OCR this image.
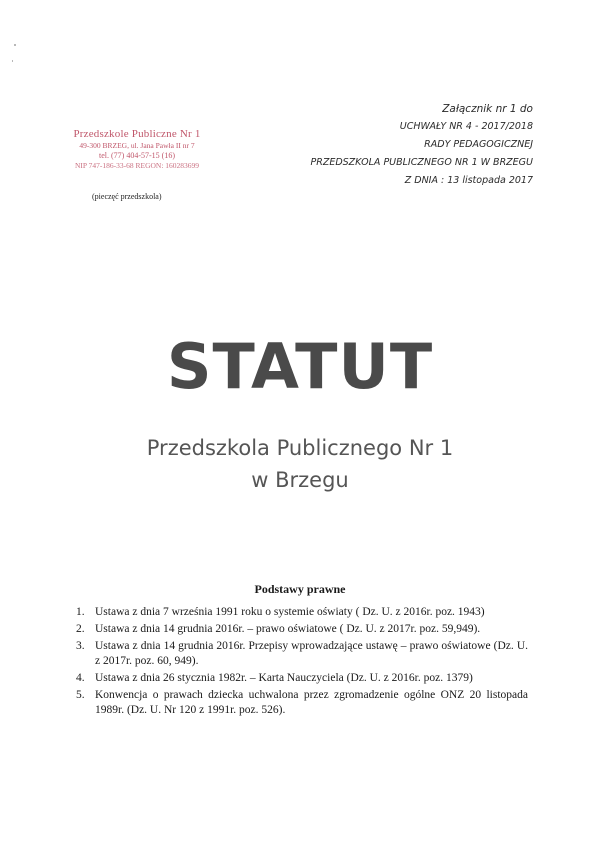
Przedszkole Publiczne Nr 1
49-300 BRZEG, ul. Jana Pawła II nr 7
tel. (77) 404-57-15 (16)
NIP 747-186-33-68 REGON: 160283699
(pieczęć przedszkola)
Załącznik nr 1 do
UCHWAŁY NR 4 - 2017/2018
RADY PEDAGOGICZNEJ
PRZEDSZKOLA PUBLICZNEGO NR 1 W BRZEGU
Z DNIA : 13 listopada 2017
STATUT
Przedszkola Publicznego Nr 1
w Brzegu
Podstawy prawne
1. Ustawa z dnia 7 września 1991 roku o systemie oświaty ( Dz. U. z 2016r. poz. 1943)
2. Ustawa z dnia 14 grudnia 2016r. – prawo oświatowe ( Dz. U. z 2017r. poz. 59,949).
3. Ustawa z dnia 14 grudnia 2016r. Przepisy wprowadzające ustawę – prawo oświatowe (Dz. U. z 2017r. poz. 60, 949).
4. Ustawa z dnia 26 stycznia 1982r. – Karta Nauczyciela (Dz. U. z 2016r. poz. 1379)
5. Konwencja o prawach dziecka uchwalona przez zgromadzenie ogólne ONZ 20 listopada 1989r. (Dz. U. Nr 120 z 1991r. poz. 526).
